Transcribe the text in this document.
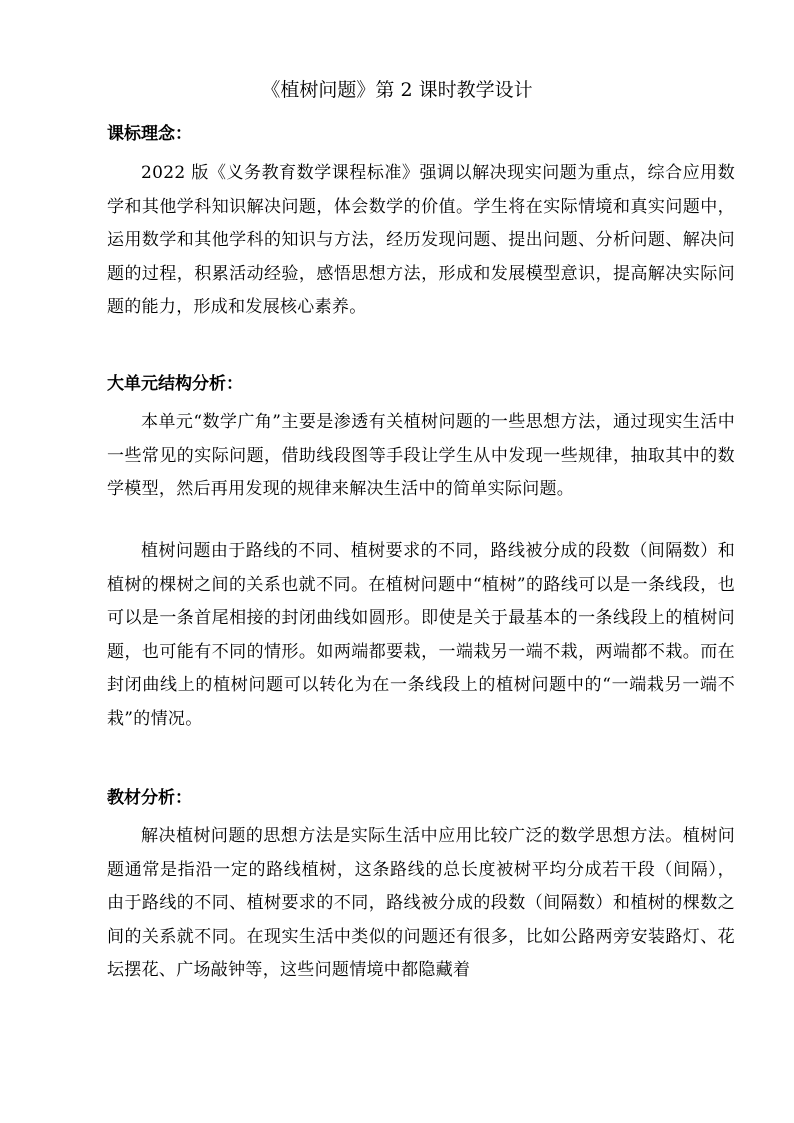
《植树问题》第 2 课时教学设计
课标理念：

2022 版《义务教育数学课程标准》强调以解决现实问题为重点，综合应用数学和其他学科知识解决问题，体会数学的价值。学生将在实际情境和真实问题中，运用数学和其他学科的知识与方法，经历发现问题、提出问题、分析问题、解决问题的过程，积累活动经验，感悟思想方法，形成和发展模型意识，提高解决实际问题的能力，形成和发展核心素养。

大单元结构分析：

本单元“数学广角”主要是渗透有关植树问题的一些思想方法，通过现实生活中一些常见的实际问题，借助线段图等手段让学生从中发现一些规律，抽取其中的数学模型，然后再用发现的规律来解决生活中的简单实际问题。

植树问题由于路线的不同、植树要求的不同，路线被分成的段数（间隔数）和植树的棵树之间的关系也就不同。在植树问题中“植树”的路线可以是一条线段，也可以是一条首尾相接的封闭曲线如圆形。即使是关于最基本的一条线段上的植树问题，也可能有不同的情形。如两端都要栽，一端栽另一端不栽，两端都不栽。而在封闭曲线上的植树问题可以转化为在一条线段上的植树问题中的“一端栽另一端不栽”的情况。

教材分析：

解决植树问题的思想方法是实际生活中应用比较广泛的数学思想方法。植树问题通常是指沿一定的路线植树，这条路线的总长度被树平均分成若干段（间隔），由于路线的不同、植树要求的不同，路线被分成的段数（间隔数）和植树的棵数之间的关系就不同。在现实生活中类似的问题还有很多，比如公路两旁安装路灯、花坛摆花、广场敲钟等，这些问题情境中都隐藏着
